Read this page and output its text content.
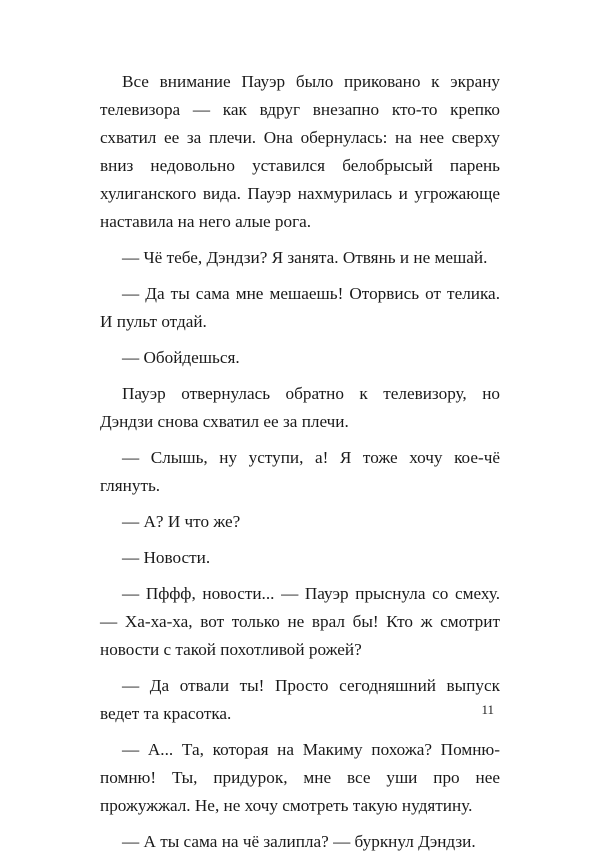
Все внимание Пауэр было приковано к экрану телевизора — как вдруг внезапно кто-то крепко схватил ее за плечи. Она обернулась: на нее сверху вниз недовольно уставился белобрысый парень хулиганского вида. Пауэр нахмурилась и угрожающе наставила на него алые рога.

— Чё тебе, Дэндзи? Я занята. Отвянь и не мешай.

— Да ты сама мне мешаешь! Оторвись от телика. И пульт отдай.

— Обойдешься.

Пауэр отвернулась обратно к телевизору, но Дэндзи снова схватил ее за плечи.

— Слышь, ну уступи, а! Я тоже хочу кое-чё глянуть.

— А? И что же?

— Новости.

— Пффф, новости... — Пауэр прыснула со смеху. — Ха-ха-ха, вот только не врал бы! Кто ж смотрит новости с такой похотливой рожей?

— Да отвали ты! Просто сегодняшний выпуск ведет та красотка.

— А... Та, которая на Макиму похожа? Помню-помню! Ты, придурок, мне все уши про нее прожужжал. Не, не хочу смотреть такую нудятину.

— А ты сама на чё залипла? — буркнул Дэндзи.

11
